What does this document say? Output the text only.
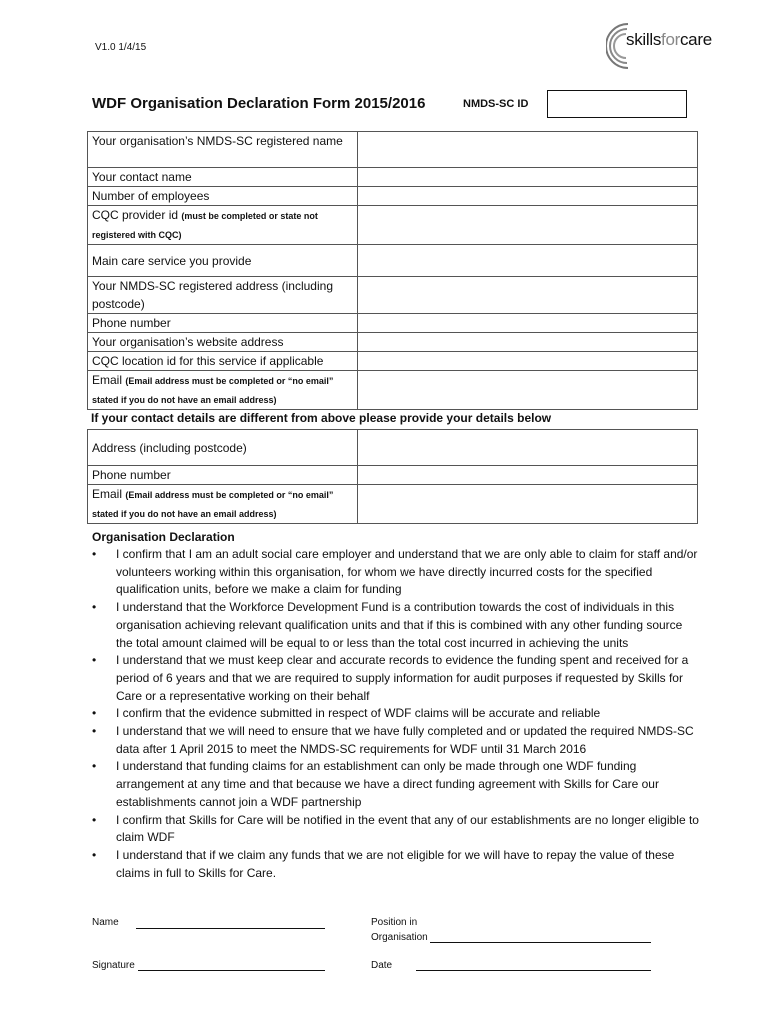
V1.0 1/4/15	skillsforcare
WDF Organisation Declaration Form 2015/2016	NMDS-SC ID
Your organisation’s NMDS-SC registered name	
Your contact name	
Number of employees	
CQC provider id (must be completed or state not registered with CQC)	
Main care service you provide	
Your NMDS-SC registered address (including postcode)	
Phone number	
Your organisation’s website address	
CQC location id for this service if applicable	
Email (Email address must be completed or “no email” stated if you do not have an email address)	
If your contact details are different from above please provide your details below
Address (including postcode)	
Phone number	
Email (Email address must be completed or “no email” stated if you do not have an email address)	
Organisation Declaration
• I confirm that I am an adult social care employer and understand that we are only able to claim for staff and/or volunteers working within this organisation, for whom we have directly incurred costs for the specified qualification units, before we make a claim for funding
• I understand that the Workforce Development Fund is a contribution towards the cost of individuals in this organisation achieving relevant qualification units and that if this is combined with any other funding source the total amount claimed will be equal to or less than the total cost incurred in achieving the units
• I understand that we must keep clear and accurate records to evidence the funding spent and received for a period of 6 years and that we are required to supply information for audit purposes if requested by Skills for Care or a representative working on their behalf
• I confirm that the evidence submitted in respect of WDF claims will be accurate and reliable
• I understand that we will need to ensure that we have fully completed and or updated the required NMDS-SC data after 1 April 2015 to meet the NMDS-SC requirements for WDF until 31 March 2016
• I understand that funding claims for an establishment can only be made through one WDF funding arrangement at any time and that because we have a direct funding agreement with Skills for Care our establishments cannot join a WDF partnership
• I confirm that Skills for Care will be notified in the event that any of our establishments are no longer eligible to claim WDF
• I understand that if we claim any funds that we are not eligible for we will have to repay the value of these claims in full to Skills for Care.
Name	Position in
Organisation
Signature	Date
